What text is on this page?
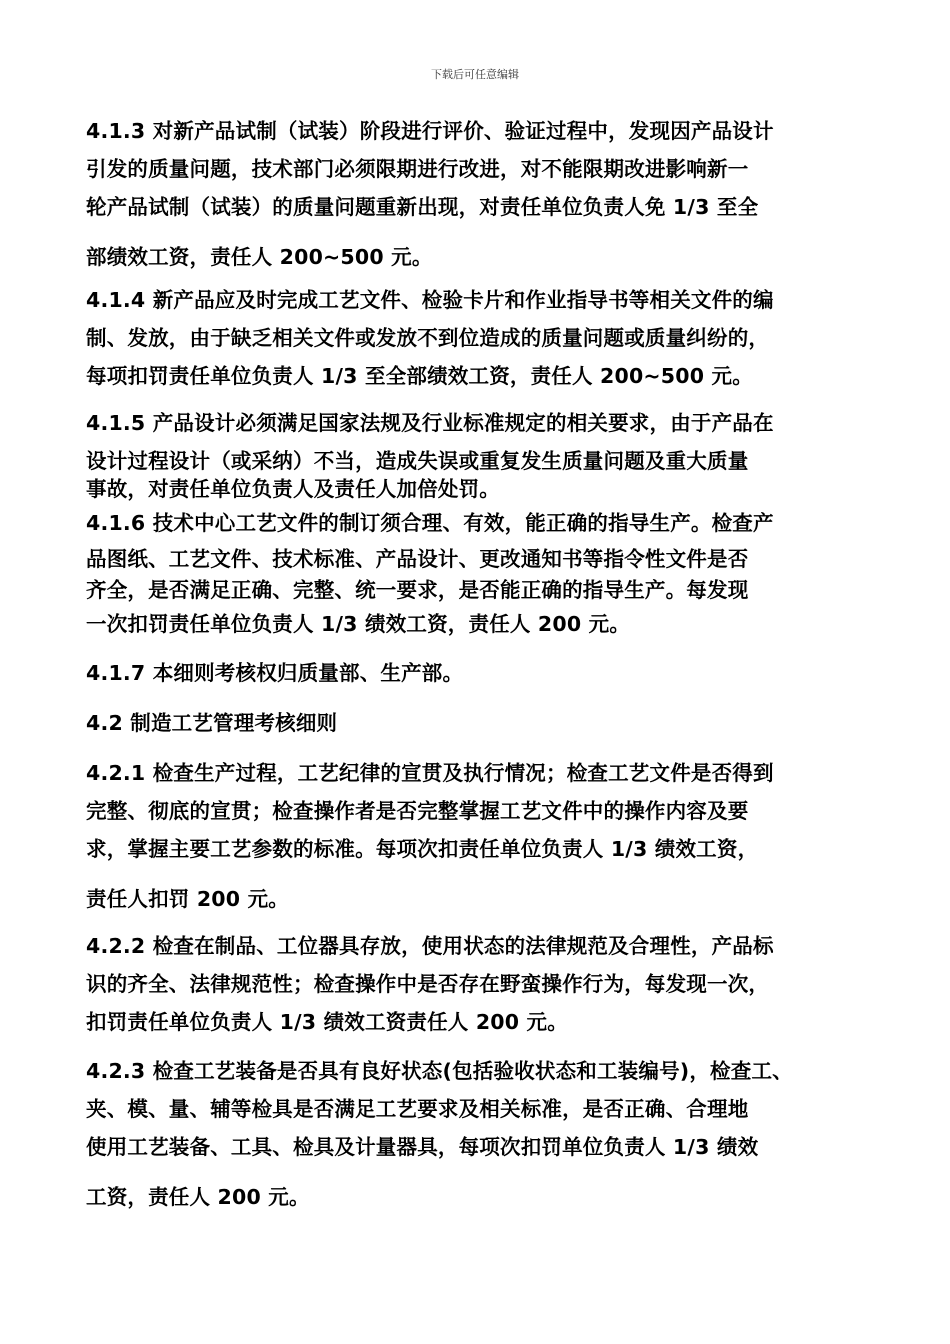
下载后可任意编辑
4.1.3 对新产品试制（试装）阶段进行评价、验证过程中，发现因产品设计
引发的质量问题，技术部门必须限期进行改进，对不能限期改进影响新一
轮产品试制（试装）的质量问题重新出现，对责任单位负责人免 1/3 至全
部绩效工资，责任人 200~500 元。
4.1.4 新产品应及时完成工艺文件、检验卡片和作业指导书等相关文件的编
制、发放，由于缺乏相关文件或发放不到位造成的质量问题或质量纠纷的，
每项扣罚责任单位负责人 1/3 至全部绩效工资，责任人 200~500 元。
4.1.5 产品设计必须满足国家法规及行业标准规定的相关要求，由于产品在
设计过程设计（或采纳）不当，造成失误或重复发生质量问题及重大质量
事故，对责任单位负责人及责任人加倍处罚。
4.1.6 技术中心工艺文件的制订须合理、有效，能正确的指导生产。检查产
品图纸、工艺文件、技术标准、产品设计、更改通知书等指令性文件是否
齐全，是否满足正确、完整、统一要求，是否能正确的指导生产。每发现
一次扣罚责任单位负责人 1/3 绩效工资，责任人 200 元。
4.1.7 本细则考核权归质量部、生产部。
4.2 制造工艺管理考核细则
4.2.1 检查生产过程，工艺纪律的宣贯及执行情况；检查工艺文件是否得到
完整、彻底的宣贯；检查操作者是否完整掌握工艺文件中的操作内容及要
求，掌握主要工艺参数的标准。每项次扣责任单位负责人 1/3 绩效工资，
责任人扣罚 200 元。
4.2.2 检查在制品、工位器具存放，使用状态的法律规范及合理性，产品标
识的齐全、法律规范性；检查操作中是否存在野蛮操作行为，每发现一次，
扣罚责任单位负责人 1/3 绩效工资责任人 200 元。
4.2.3 检查工艺装备是否具有良好状态(包括验收状态和工装编号)，检查工、
夹、模、量、辅等检具是否满足工艺要求及相关标准，是否正确、合理地
使用工艺装备、工具、检具及计量器具，每项次扣罚单位负责人 1/3 绩效
工资，责任人 200 元。
